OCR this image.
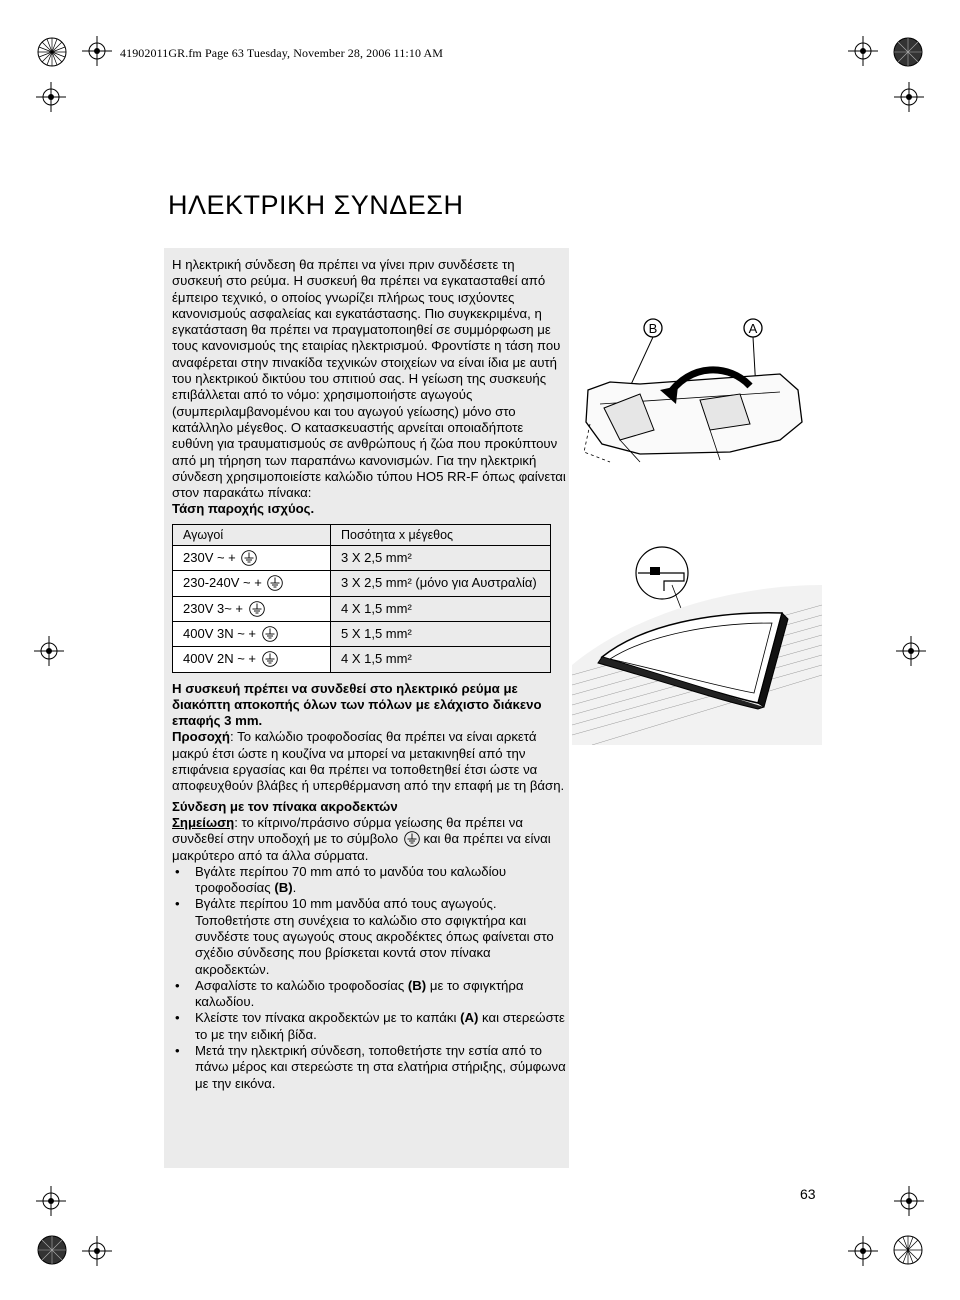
41902011GR.fm Page 63 Tuesday, November 28, 2006 11:10 AM
ΗΛΕΚΤΡΙΚΗ ΣΥΝΔΕΣΗ

Η ηλεκτρική σύνδεση θα πρέπει να γίνει πριν συνδέσετε τη συσκευή στο ρεύμα. Η συσκευή θα πρέπει να εγκατασταθεί από έμπειρο τεχνικό, ο οποίος γνωρίζει πλήρως τους ισχύοντες κανονισμούς ασφαλείας και εγκατάστασης. Πιο συγκεκριμένα, η εγκατάσταση θα πρέπει να πραγματοποιηθεί σε συμμόρφωση με τους κανονισμούς της εταιρίας ηλεκτρισμού. Φροντίστε η τάση που αναφέρεται στην πινακίδα τεχνικών στοιχείων να είναι ίδια με αυτή του ηλεκτρικού δικτύου του σπιτιού σας. Η γείωση της συσκευής επιβάλλεται από το νόμο: χρησιμοποιήστε αγωγούς (συμπεριλαμβανομένου και του αγωγού γείωσης) μόνο στο κατάλληλο μέγεθος. Ο κατασκευαστής αρνείται οποιαδήποτε ευθύνη για τραυματισμούς σε ανθρώπους ή ζώα που προκύπτουν από μη τήρηση των παραπάνω κανονισμών. Για την ηλεκτρική σύνδεση χρησιμοποιείστε καλώδιο τύπου HO5 RR-F όπως φαίνεται στον παρακάτω πίνακα:

Τάση παροχής ισχύος.

Αγωγοί	Ποσότητα x μέγεθος
230V ~ +	3 X 2,5 mm²
230-240V ~ +	3 X 2,5 mm² (μόνο για Αυστραλία)
230V 3~ +	4 X 1,5 mm²
400V 3N ~ +	5 X 1,5 mm²
400V 2N ~ +	4 X 1,5 mm²

Η συσκευή πρέπει να συνδεθεί στο ηλεκτρικό ρεύμα με διακόπτη αποκοπής όλων των πόλων με ελάχιστο διάκενο επαφής 3 mm.

Προσοχή: Το καλώδιο τροφοδοσίας θα πρέπει να είναι αρκετά μακρύ έτσι ώστε η κουζίνα να μπορεί να μετακινηθεί από την επιφάνεια εργασίας και θα πρέπει να τοποθετηθεί έτσι ώστε να αποφευχθούν βλάβες ή υπερθέρμανση από την επαφή με τη βάση.

Σύνδεση με τον πίνακα ακροδεκτών

Σημείωση: το κίτρινο/πράσινο σύρμα γείωσης θα πρέπει να συνδεθεί στην υποδοχή με το σύμβολο και θα πρέπει να είναι μακρύτερο από τα άλλα σύρματα.

• Βγάλτε περίπου 70 mm από το μανδύα του καλωδίου τροφοδοσίας (B).
• Βγάλτε περίπου 10 mm μανδύα από τους αγωγούς. Τοποθετήστε στη συνέχεια το καλώδιο στο σφιγκτήρα και συνδέστε τους αγωγούς στους ακροδέκτες όπως φαίνεται στο σχέδιο σύνδεσης που βρίσκεται κοντά στον πίνακα ακροδεκτών.
• Ασφαλίστε το καλώδιο τροφοδοσίας (B) με το σφιγκτήρα καλωδίου.
• Κλείστε τον πίνακα ακροδεκτών με το καπάκι (A) και στερεώστε το με την ειδική βίδα.
• Μετά την ηλεκτρική σύνδεση, τοποθετήστε την εστία από το πάνω μέρος και στερεώστε τη στα ελατήρια στήριξης, σύμφωνα με την εικόνα.
B	A
63
